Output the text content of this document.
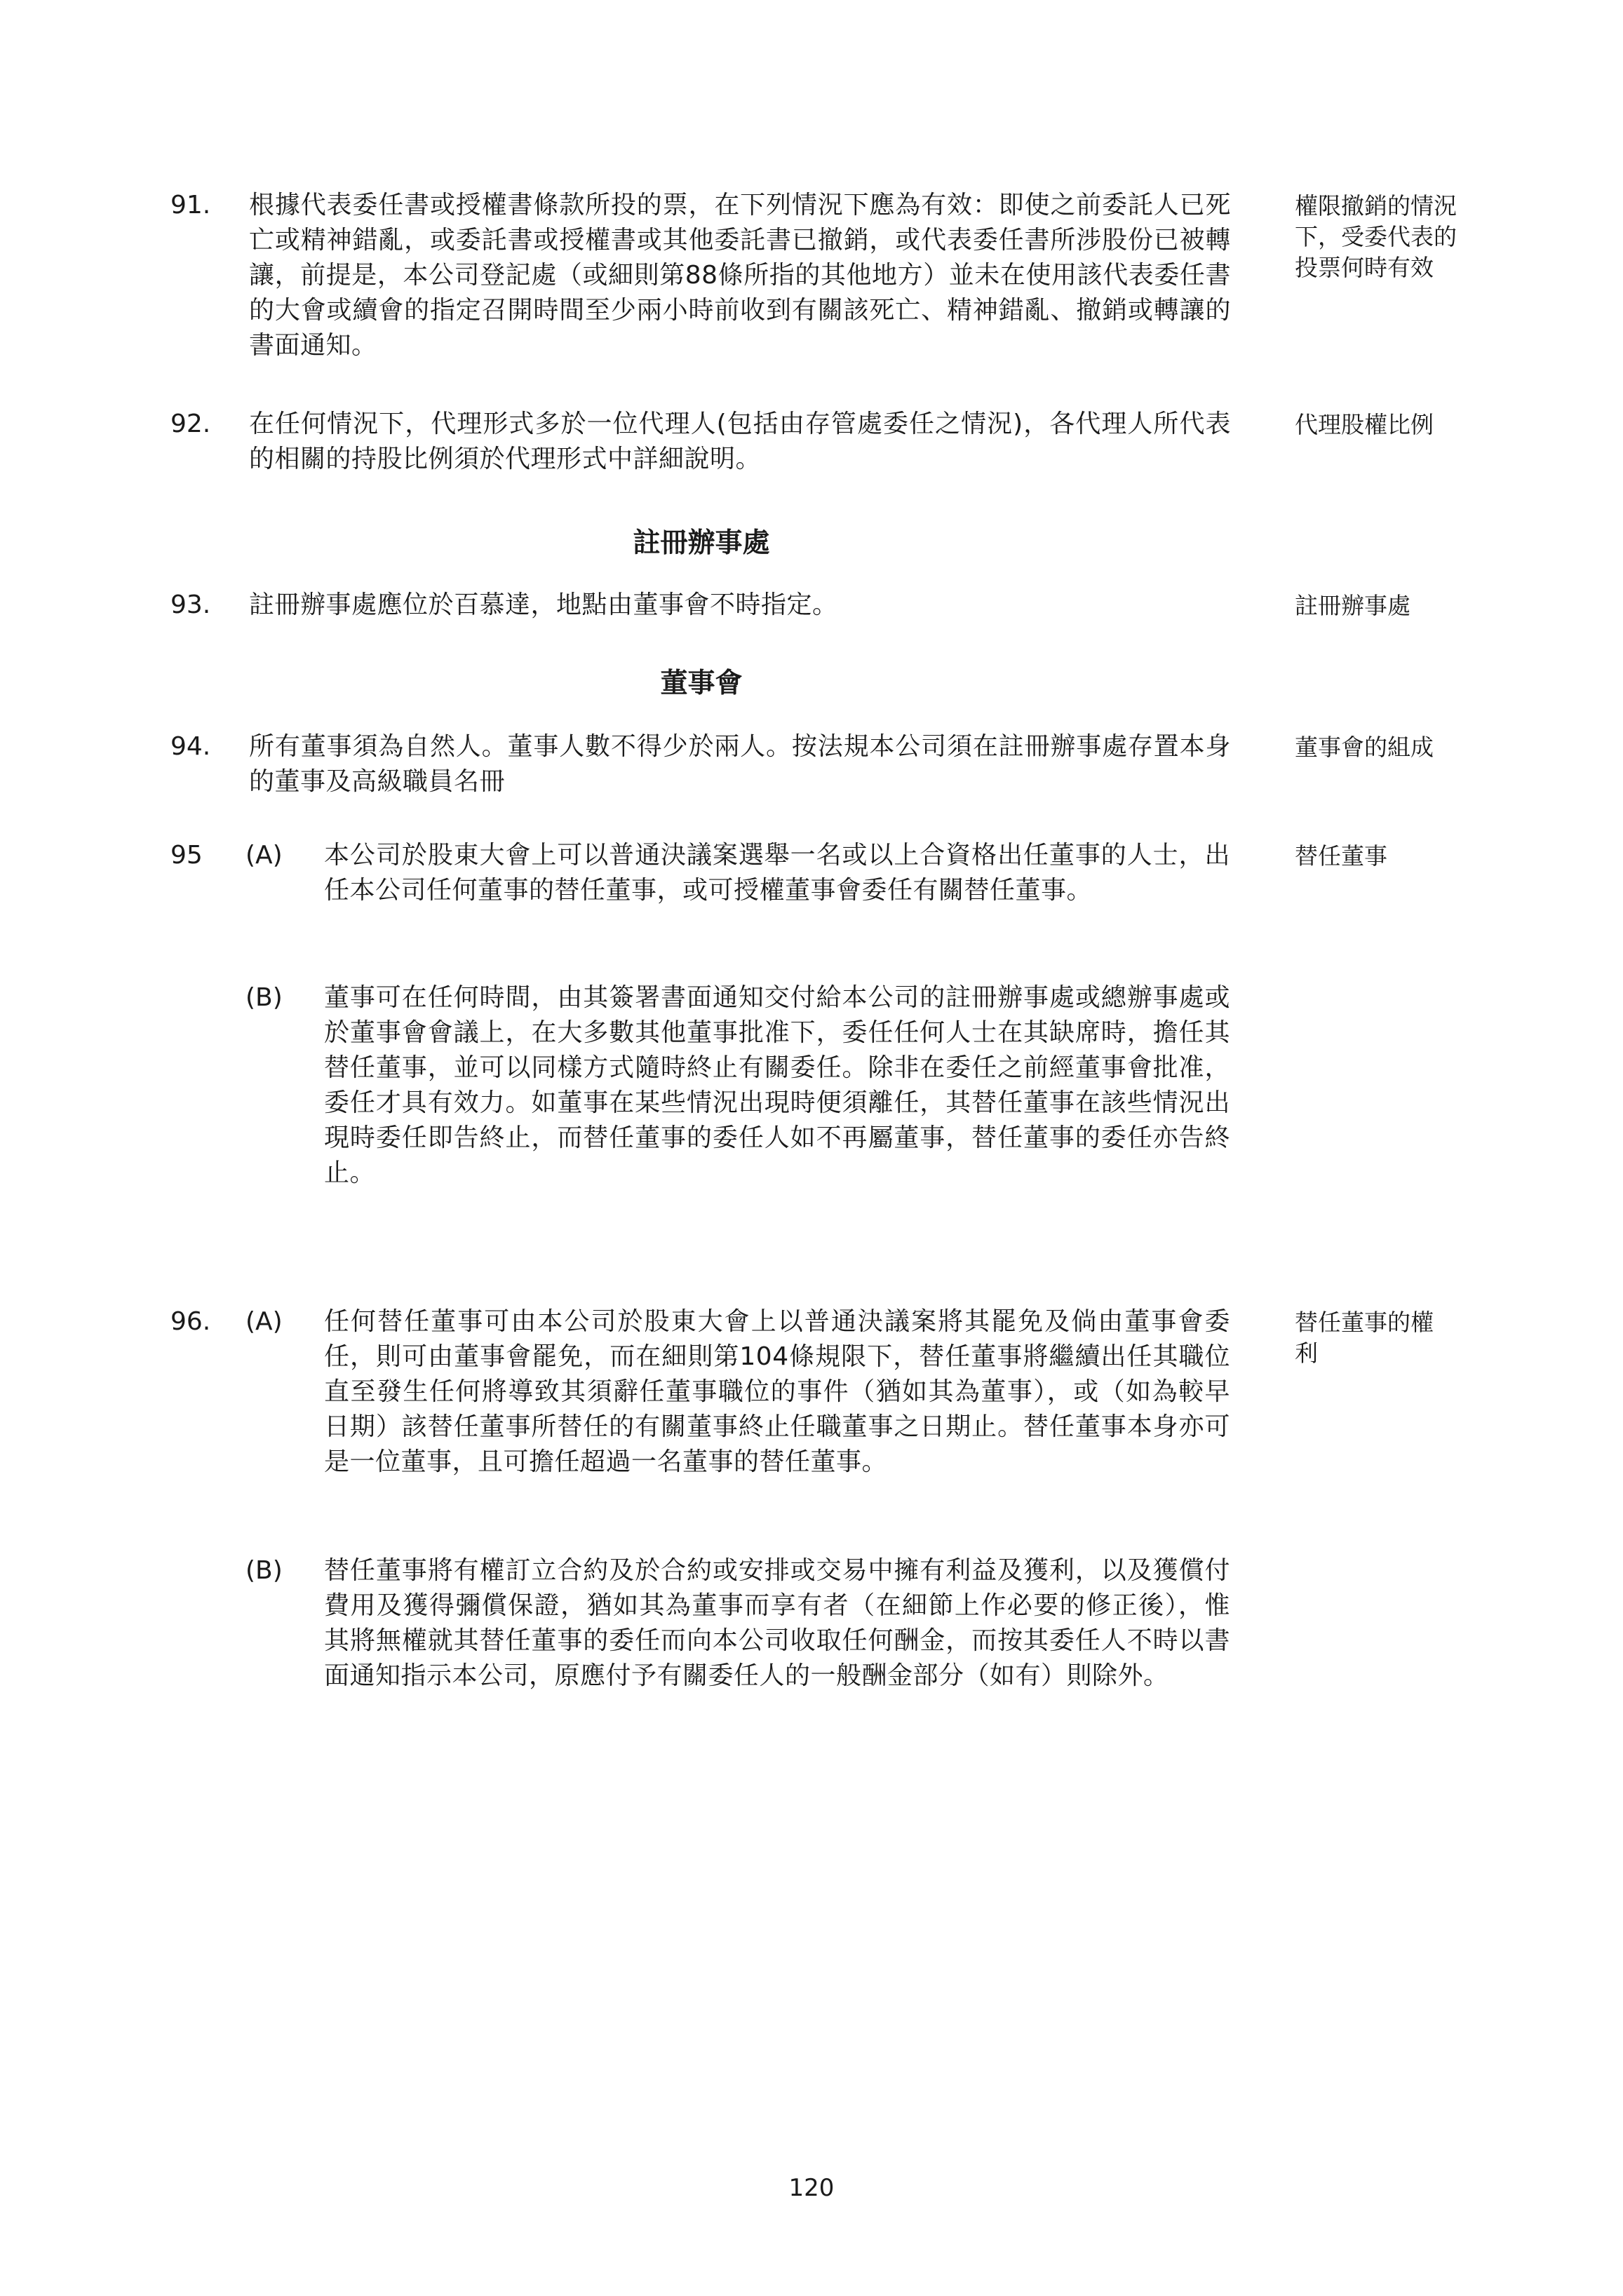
91. 根據代表委任書或授權書條款所投的票，在下列情況下應為有效：即使之前委託人已死亡或精神錯亂，或委託書或授權書或其他委託書已撤銷，或代表委任書所涉股份已被轉讓，前提是，本公司登記處（或細則第88條所指的其他地方）並未在使用該代表委任書的大會或續會的指定召開時間至少兩小時前收到有關該死亡、精神錯亂、撤銷或轉讓的書面通知。
權限撤銷的情況下，受委代表的投票何時有效
92. 在任何情況下，代理形式多於一位代理人(包括由存管處委任之情況)，各代理人所代表的相關的持股比例須於代理形式中詳細說明。
代理股權比例
註冊辦事處
93. 註冊辦事處應位於百慕達，地點由董事會不時指定。	註冊辦事處
董事會
94. 所有董事須為自然人。董事人數不得少於兩人。按法規本公司須在註冊辦事處存置本身的董事及高級職員名冊
董事會的組成
95 (A) 本公司於股東大會上可以普通決議案選舉一名或以上合資格出任董事的人士，出任本公司任何董事的替任董事，或可授權董事會委任有關替任董事。
替任董事
(B) 董事可在任何時間，由其簽署書面通知交付給本公司的註冊辦事處或總辦事處或於董事會會議上，在大多數其他董事批准下，委任任何人士在其缺席時，擔任其替任董事，並可以同樣方式隨時終止有關委任。除非在委任之前經董事會批准，委任才具有效力。如董事在某些情況出現時便須離任，其替任董事在該些情況出現時委任即告終止，而替任董事的委任人如不再屬董事，替任董事的委任亦告終止。
96. (A) 任何替任董事可由本公司於股東大會上以普通決議案將其罷免及倘由董事會委任，則可由董事會罷免，而在細則第104條規限下，替任董事將繼續出任其職位直至發生任何將導致其須辭任董事職位的事件（猶如其為董事），或（如為較早日期）該替任董事所替任的有關董事終止任職董事之日期止。替任董事本身亦可是一位董事，且可擔任超過一名董事的替任董事。
替任董事的權利
(B) 替任董事將有權訂立合約及於合約或安排或交易中擁有利益及獲利，以及獲償付費用及獲得彌償保證，猶如其為董事而享有者（在細節上作必要的修正後），惟其將無權就其替任董事的委任而向本公司收取任何酬金，而按其委任人不時以書面通知指示本公司，原應付予有關委任人的一般酬金部分（如有）則除外。
120
